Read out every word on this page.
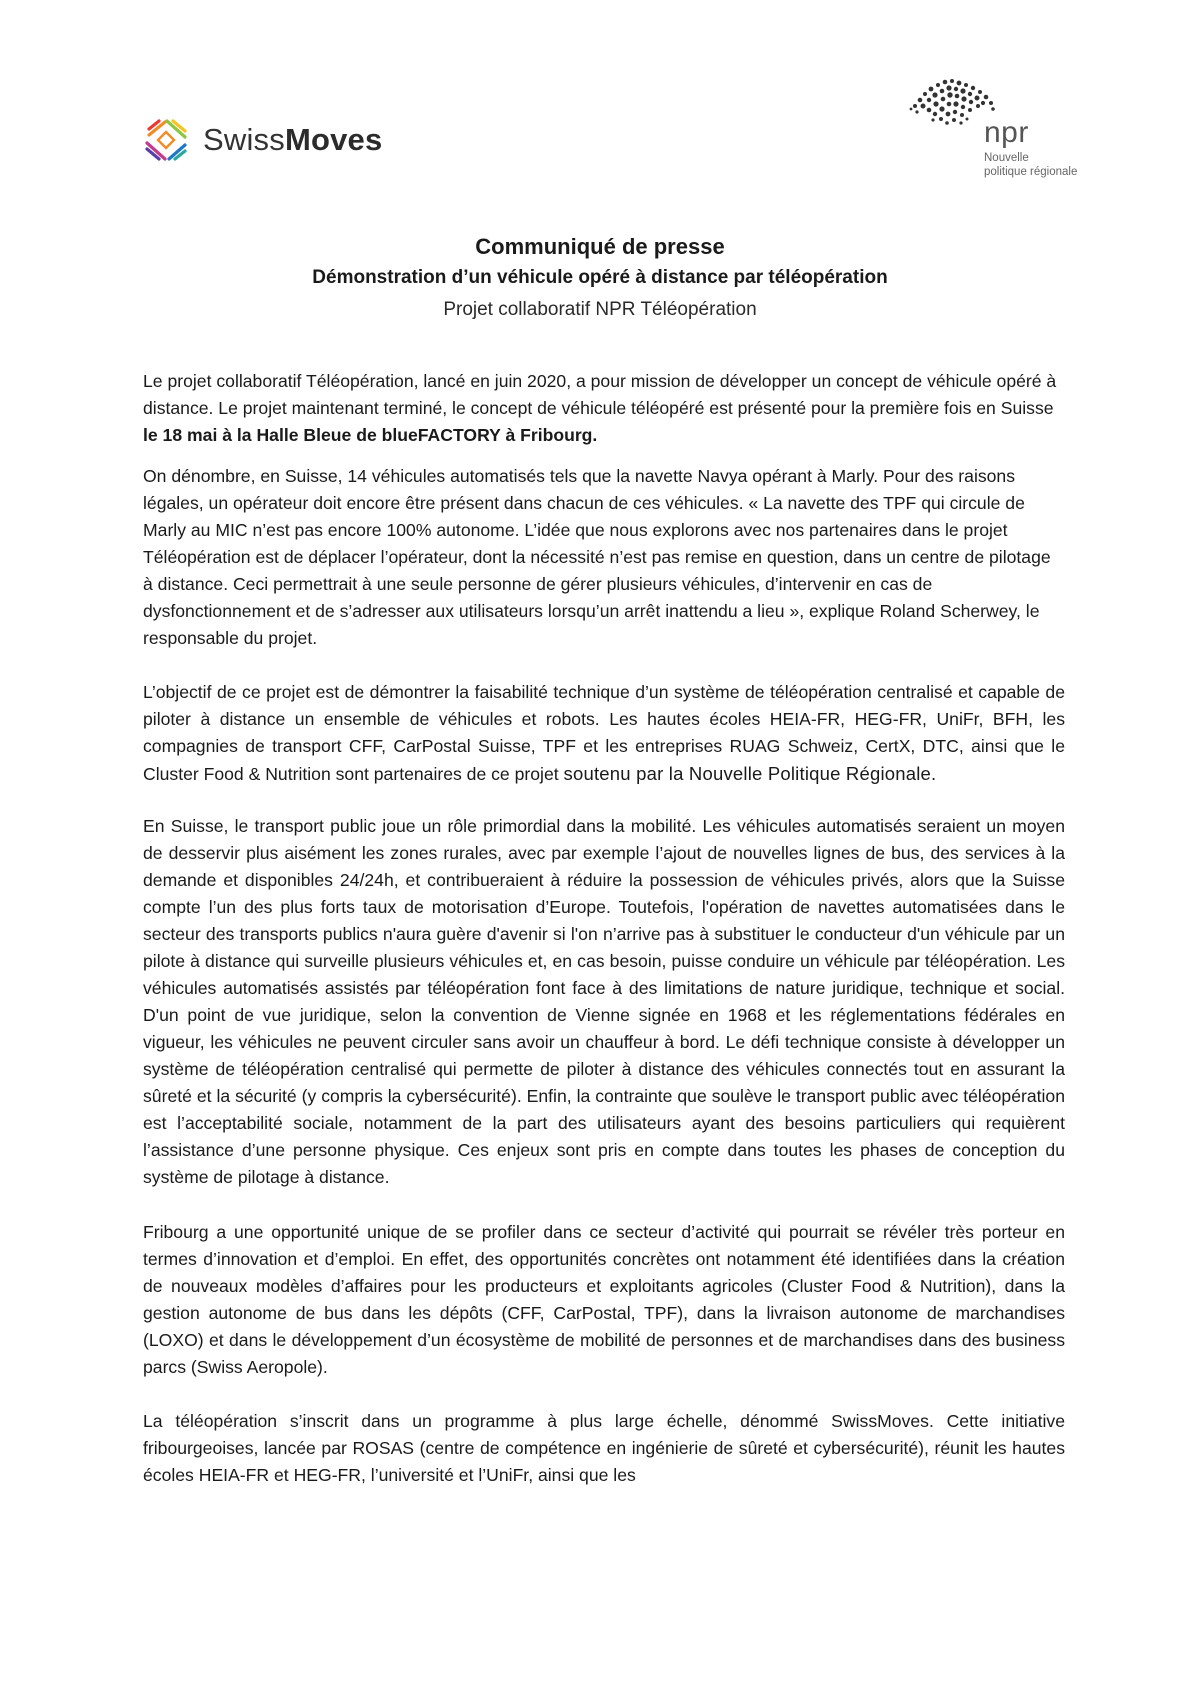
SwissMoves	npr
Nouvelle
politique régionale

Communiqué de presse

Démonstration d’un véhicule opéré à distance par téléopération

Projet collaboratif NPR Téléopération

Le projet collaboratif Téléopération, lancé en juin 2020, a pour mission de développer un concept de véhicule opéré à distance. Le projet maintenant terminé, le concept de véhicule téléopéré est présenté pour la première fois en Suisse le 18 mai à la Halle Bleue de blueFACTORY à Fribourg.

On dénombre, en Suisse, 14 véhicules automatisés tels que la navette Navya opérant à Marly. Pour des raisons légales, un opérateur doit encore être présent dans chacun de ces véhicules. « La navette des TPF qui circule de Marly au MIC n’est pas encore 100% autonome. L’idée que nous explorons avec nos partenaires dans le projet Téléopération est de déplacer l’opérateur, dont la nécessité n’est pas remise en question, dans un centre de pilotage à distance. Ceci permettrait à une seule personne de gérer plusieurs véhicules, d’intervenir en cas de dysfonctionnement et de s’adresser aux utilisateurs lorsqu’un arrêt inattendu a lieu », explique Roland Scherwey, le responsable du projet.

L’objectif de ce projet est de démontrer la faisabilité technique d’un système de téléopération centralisé et capable de piloter à distance un ensemble de véhicules et robots. Les hautes écoles HEIA-FR, HEG-FR, UniFr, BFH, les compagnies de transport CFF, CarPostal Suisse, TPF et les entreprises RUAG Schweiz, CertX, DTC, ainsi que le Cluster Food & Nutrition sont partenaires de ce projet soutenu par la Nouvelle Politique Régionale.

En Suisse, le transport public joue un rôle primordial dans la mobilité. Les véhicules automatisés seraient un moyen de desservir plus aisément les zones rurales, avec par exemple l’ajout de nouvelles lignes de bus, des services à la demande et disponibles 24/24h, et contribueraient à réduire la possession de véhicules privés, alors que la Suisse compte l’un des plus forts taux de motorisation d’Europe. Toutefois, l'opération de navettes automatisées dans le secteur des transports publics n'aura guère d'avenir si l'on n’arrive pas à substituer le conducteur d'un véhicule par un pilote à distance qui surveille plusieurs véhicules et, en cas besoin, puisse conduire un véhicule par téléopération. Les véhicules automatisés assistés par téléopération font face à des limitations de nature juridique, technique et social. D'un point de vue juridique, selon la convention de Vienne signée en 1968 et les réglementations fédérales en vigueur, les véhicules ne peuvent circuler sans avoir un chauffeur à bord. Le défi technique consiste à développer un système de téléopération centralisé qui permette de piloter à distance des véhicules connectés tout en assurant la sûreté et la sécurité (y compris la cybersécurité). Enfin, la contrainte que soulève le transport public avec téléopération est l’acceptabilité sociale, notamment de la part des utilisateurs ayant des besoins particuliers qui requièrent l’assistance d’une personne physique. Ces enjeux sont pris en compte dans toutes les phases de conception du système de pilotage à distance.

Fribourg a une opportunité unique de se profiler dans ce secteur d’activité qui pourrait se révéler très porteur en termes d’innovation et d’emploi. En effet, des opportunités concrètes ont notamment été identifiées dans la création de nouveaux modèles d’affaires pour les producteurs et exploitants agricoles (Cluster Food & Nutrition), dans la gestion autonome de bus dans les dépôts (CFF, CarPostal, TPF), dans la livraison autonome de marchandises (LOXO) et dans le développement d’un écosystème de mobilité de personnes et de marchandises dans des business parcs (Swiss Aeropole).

La téléopération s’inscrit dans un programme à plus large échelle, dénommé SwissMoves. Cette initiative fribourgeoises, lancée par ROSAS (centre de compétence en ingénierie de sûreté et cybersécurité), réunit les hautes écoles HEIA-FR et HEG-FR, l’université et l’UniFr, ainsi que les
